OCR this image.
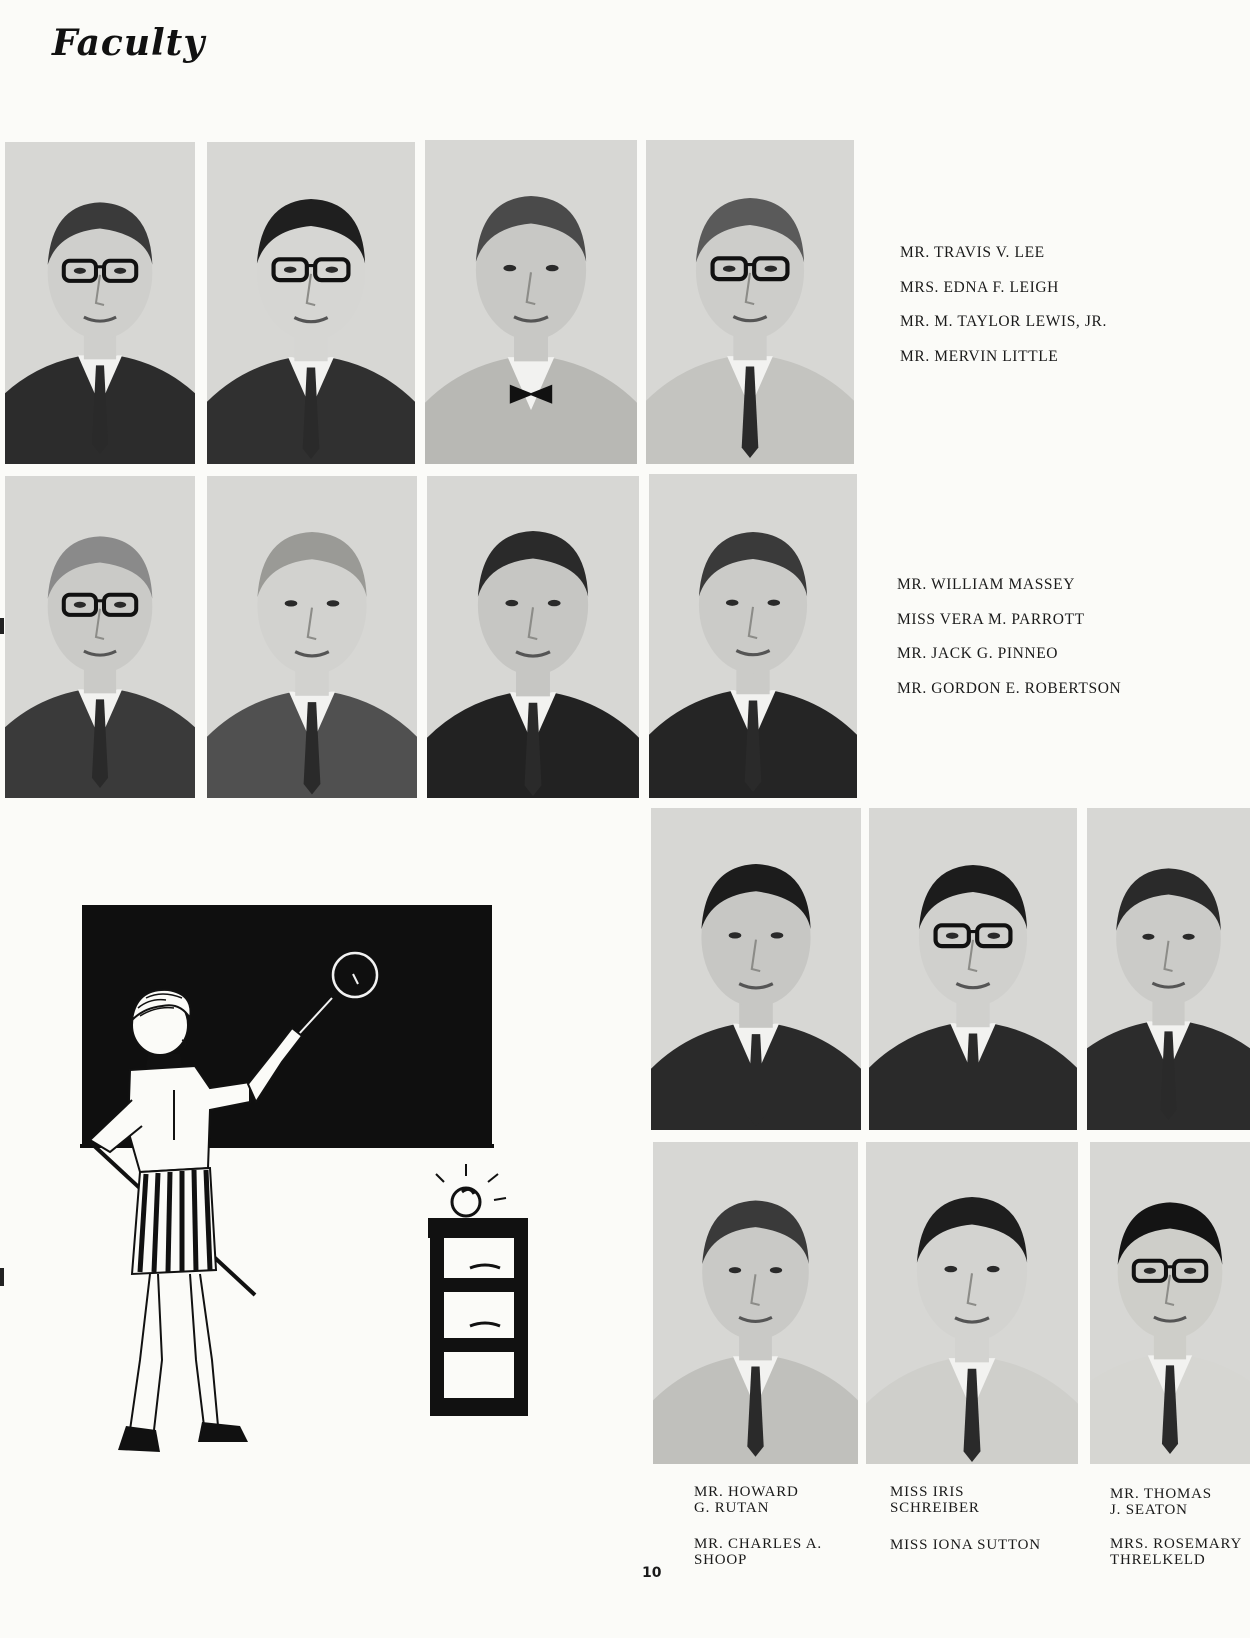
Faculty
MR. TRAVIS V. LEE
MRS. EDNA F. LEIGH
MR. M. TAYLOR LEWIS, JR.
MR. MERVIN LITTLE
MR. WILLIAM MASSEY
MISS VERA M. PARROTT
MR. JACK G. PINNEO
MR. GORDON E. ROBERTSON
MR. HOWARD
G. RUTAN
MR. CHARLES A.
SHOOP
MISS IRIS
SCHREIBER
MISS IONA SUTTON
MR. THOMAS
J. SEATON
MRS. ROSEMARY
THRELKELD
10
